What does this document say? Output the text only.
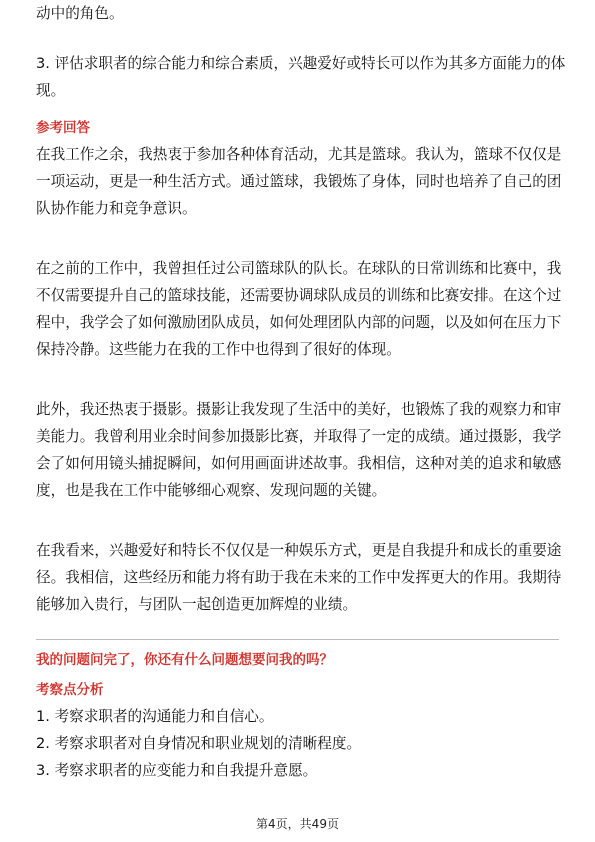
动中的角色。
3. 评估求职者的综合能力和综合素质，兴趣爱好或特长可以作为其多方面能力的体
现。
参考回答
在我工作之余，我热衷于参加各种体育活动，尤其是篮球。我认为，篮球不仅仅是
一项运动，更是一种生活方式。通过篮球，我锻炼了身体，同时也培养了自己的团
队协作能力和竞争意识。
在之前的工作中，我曾担任过公司篮球队的队长。在球队的日常训练和比赛中，我
不仅需要提升自己的篮球技能，还需要协调球队成员的训练和比赛安排。在这个过
程中，我学会了如何激励团队成员，如何处理团队内部的问题，以及如何在压力下
保持冷静。这些能力在我的工作中也得到了很好的体现。
此外，我还热衷于摄影。摄影让我发现了生活中的美好，也锻炼了我的观察力和审
美能力。我曾利用业余时间参加摄影比赛，并取得了一定的成绩。通过摄影，我学
会了如何用镜头捕捉瞬间，如何用画面讲述故事。我相信，这种对美的追求和敏感
度，也是我在工作中能够细心观察、发现问题的关键。
在我看来，兴趣爱好和特长不仅仅是一种娱乐方式，更是自我提升和成长的重要途
径。我相信，这些经历和能力将有助于我在未来的工作中发挥更大的作用。我期待
能够加入贵行，与团队一起创造更加辉煌的业绩。
我的问题问完了，你还有什么问题想要问我的吗？
考察点分析
1. 考察求职者的沟通能力和自信心。
2. 考察求职者对自身情况和职业规划的清晰程度。
3. 考察求职者的应变能力和自我提升意愿。
第4页，共49页
